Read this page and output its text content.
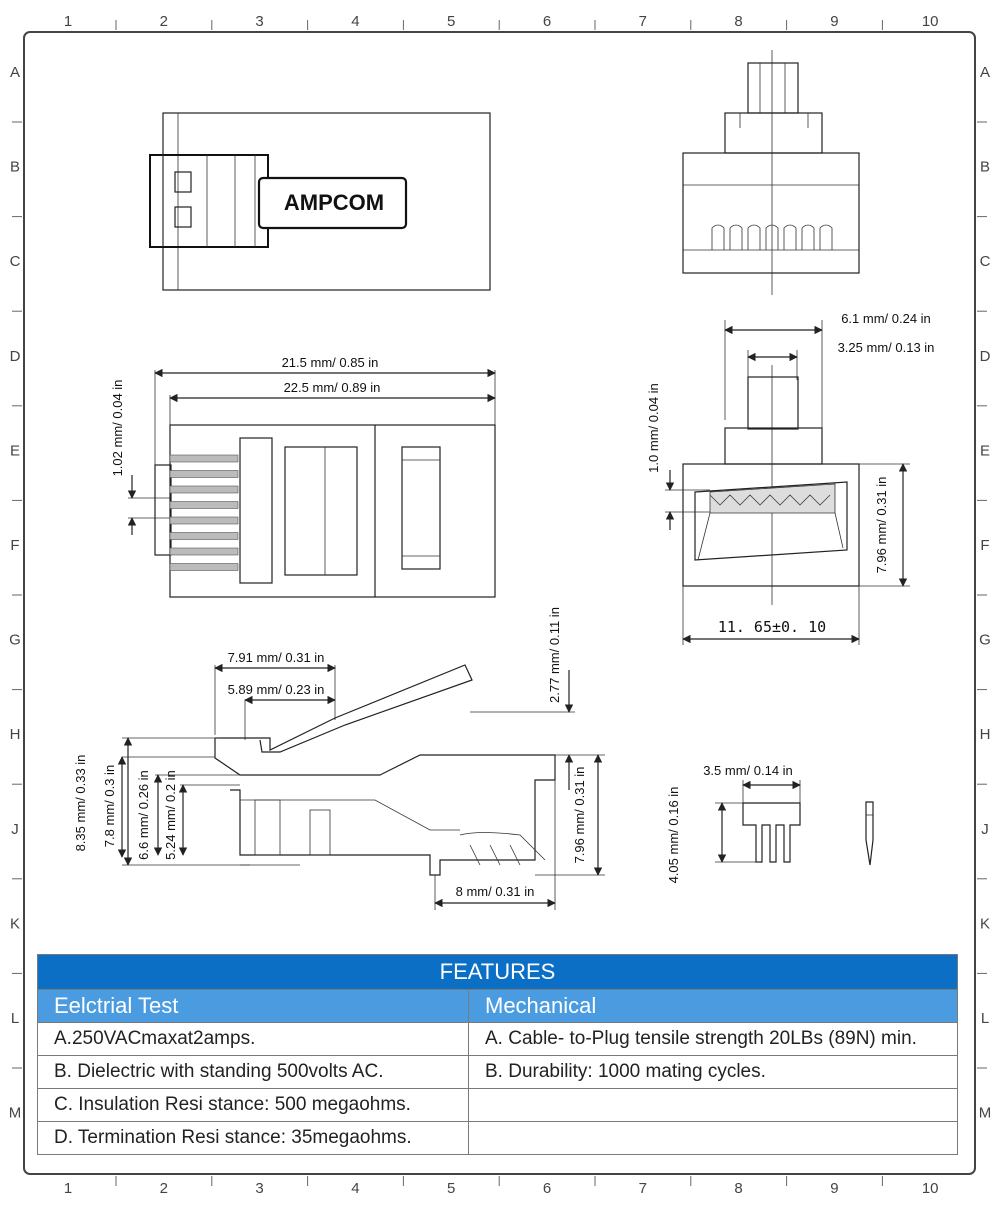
1	2	3	4	5	6	7	8	9	10
1	2	3	4	5	6	7	8	9	10
A
B
C
D
E
F
G
H
J
K
L
M
A
B
C
D
E
F
G
H
J
K
L
M
AMPCOM
21.5 mm/ 0.85 in
22.5 mm/ 0.89 in
1.02 mm/ 0.04 in
6.1 mm/ 0.24 in
3.25 mm/ 0.13 in
1.0 mm/ 0.04 in
7.96 mm/ 0.31 in
11. 65±0. 10
7.91 mm/ 0.31 in
5.89 mm/ 0.23 in	2.77 mm/ 0.11 in
8.35 mm/ 0.33 in 7.8 mm/ 0.3 in 6.6 mm/ 0.26 in 5.24 mm/ 0.2 in	7.96 mm/ 0.31 in
8 mm/ 0.31 in
3.5 mm/ 0.14 in
4.05 mm/ 0.16 in
FEATURES	
Eelctrial Test	Mechanical
A.250VACmaxat2amps.	A. Cable- to-Plug tensile strength 20LBs (89N) min.
B. Dielectric with standing 500volts AC.	B. Durability: 1000 mating cycles.
C. Insulation Resi stance: 500 megaohms.	
D. Termination Resi stance: 35megaohms.	
